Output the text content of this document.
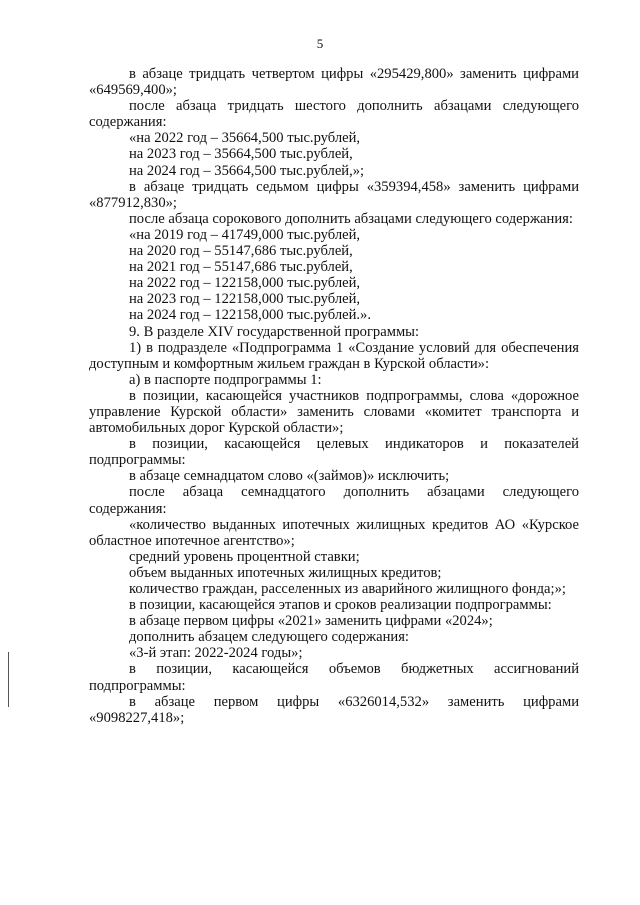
5

в абзаце тридцать четвертом цифры «295429,800» заменить цифрами «649569,400»;

после абзаца тридцать шестого дополнить абзацами следующего содержания:

«на 2022 год – 35664,500 тыс.рублей,

на 2023 год – 35664,500 тыс.рублей,

на 2024 год – 35664,500 тыс.рублей,»;

в абзаце тридцать седьмом цифры «359394,458» заменить цифрами «877912,830»;

после абзаца сорокового дополнить абзацами следующего содержания:

«на 2019 год – 41749,000 тыс.рублей,

на 2020 год – 55147,686 тыс.рублей,

на 2021 год – 55147,686 тыс.рублей,

на 2022 год – 122158,000 тыс.рублей,

на 2023 год – 122158,000 тыс.рублей,

на 2024 год – 122158,000 тыс.рублей.».

9. В разделе XIV государственной программы:

1) в подразделе «Подпрограмма 1 «Создание условий для обеспечения доступным и комфортным жильем граждан в Курской области»:

а) в паспорте подпрограммы 1:

в позиции, касающейся участников подпрограммы, слова «дорожное управление Курской области» заменить словами «комитет транспорта и автомобильных дорог Курской области»;

в позиции, касающейся целевых индикаторов и показателей подпрограммы:

в абзаце семнадцатом слово «(займов)» исключить;

после абзаца семнадцатого дополнить абзацами следующего содержания:

«количество выданных ипотечных жилищных кредитов АО «Курское областное ипотечное агентство»;

средний уровень процентной ставки;

объем выданных ипотечных жилищных кредитов;

количество граждан, расселенных из аварийного жилищного фонда;»;

в позиции, касающейся этапов и сроков реализации подпрограммы:

в абзаце первом цифры «2021» заменить цифрами «2024»;

дополнить абзацем следующего содержания:

«3-й этап: 2022-2024 годы»;

в позиции, касающейся объемов бюджетных ассигнований подпрограммы:

в абзаце первом цифры «6326014,532» заменить цифрами «9098227,418»;
